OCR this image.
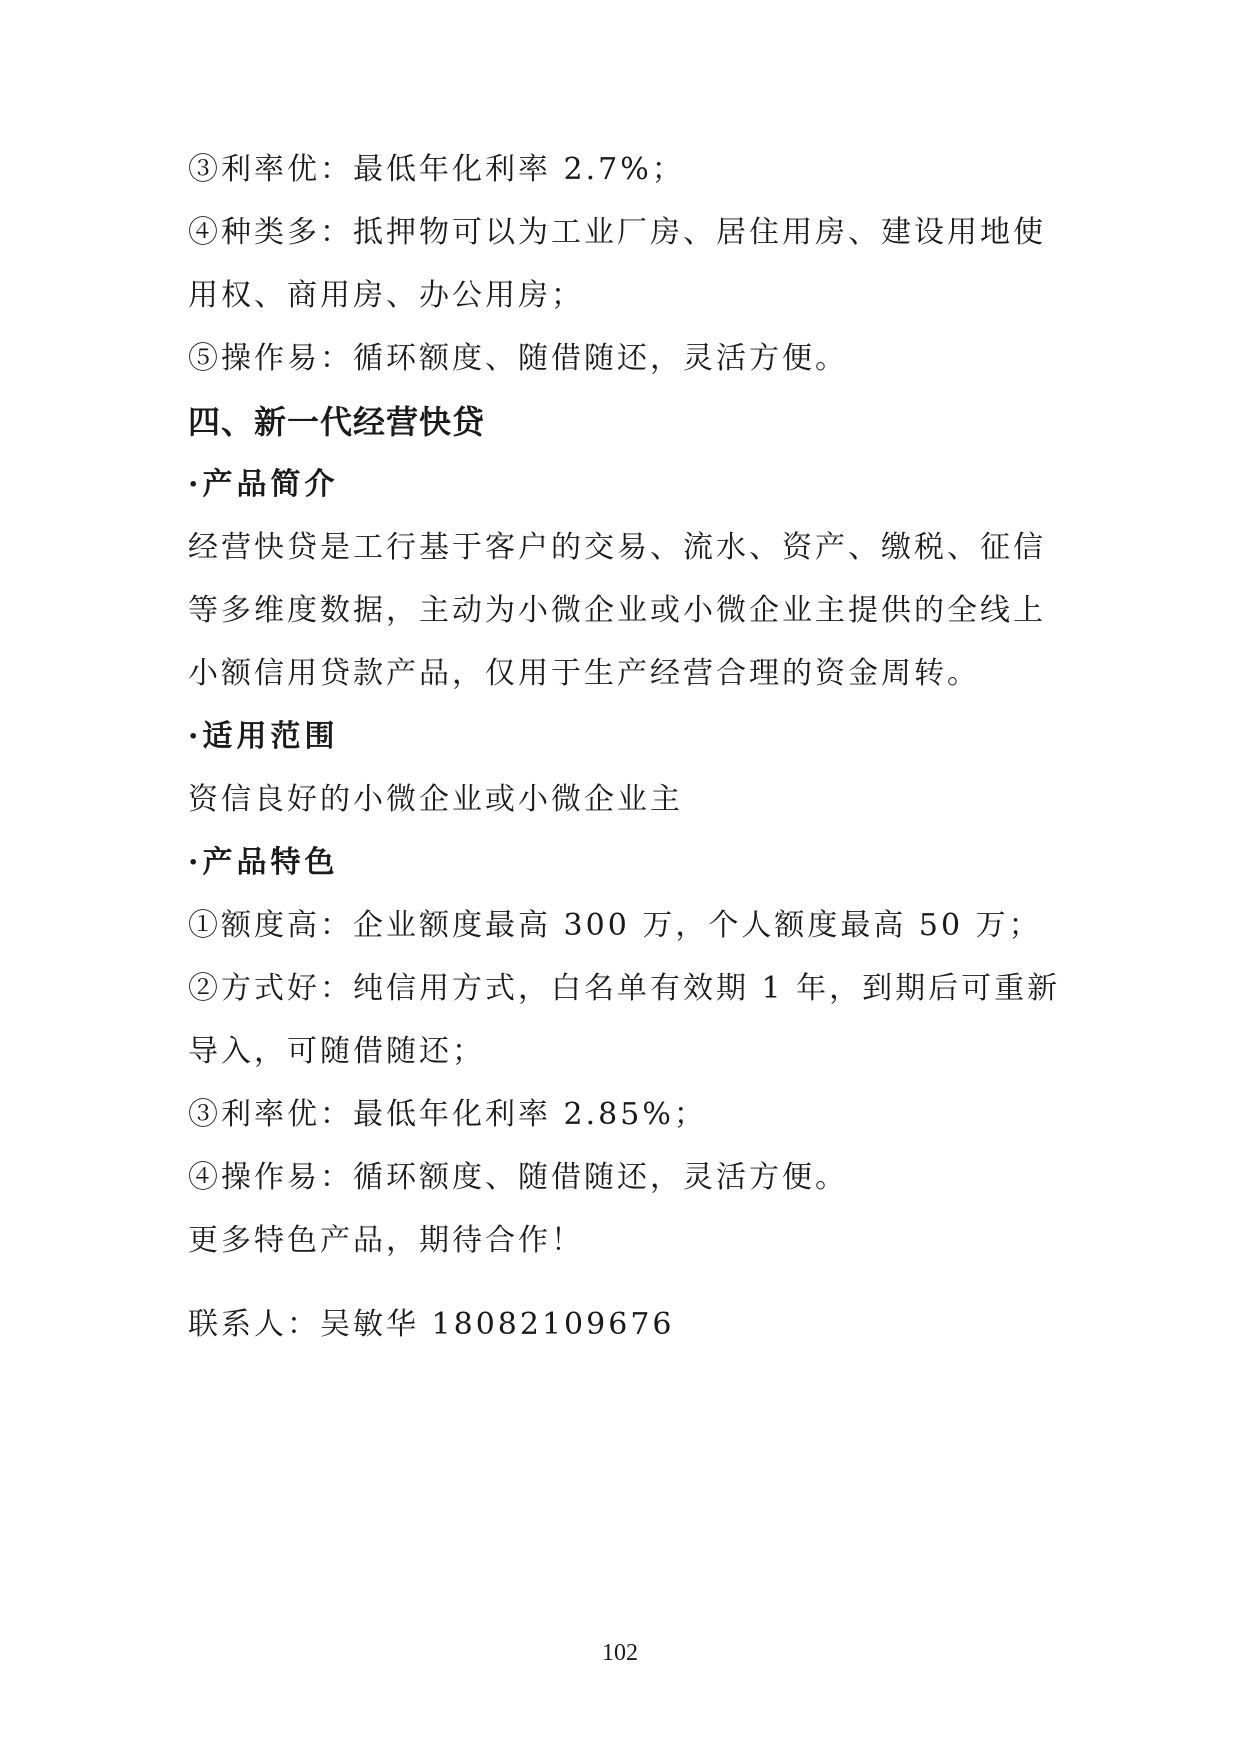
③利率优：最低年化利率 2.7%；
④种类多：抵押物可以为工业厂房、居住用房、建设用地使
用权、商用房、办公用房；
⑤操作易：循环额度、随借随还，灵活方便。
四、新一代经营快贷
·产品简介
经营快贷是工行基于客户的交易、流水、资产、缴税、征信
等多维度数据，主动为小微企业或小微企业主提供的全线上
小额信用贷款产品，仅用于生产经营合理的资金周转。
·适用范围
资信良好的小微企业或小微企业主
·产品特色
①额度高：企业额度最高 300 万，个人额度最高 50 万；
②方式好：纯信用方式，白名单有效期 1 年，到期后可重新
导入，可随借随还；
③利率优：最低年化利率 2.85%；
④操作易：循环额度、随借随还，灵活方便。
更多特色产品，期待合作！
联系人：吴敏华 18082109676
102
